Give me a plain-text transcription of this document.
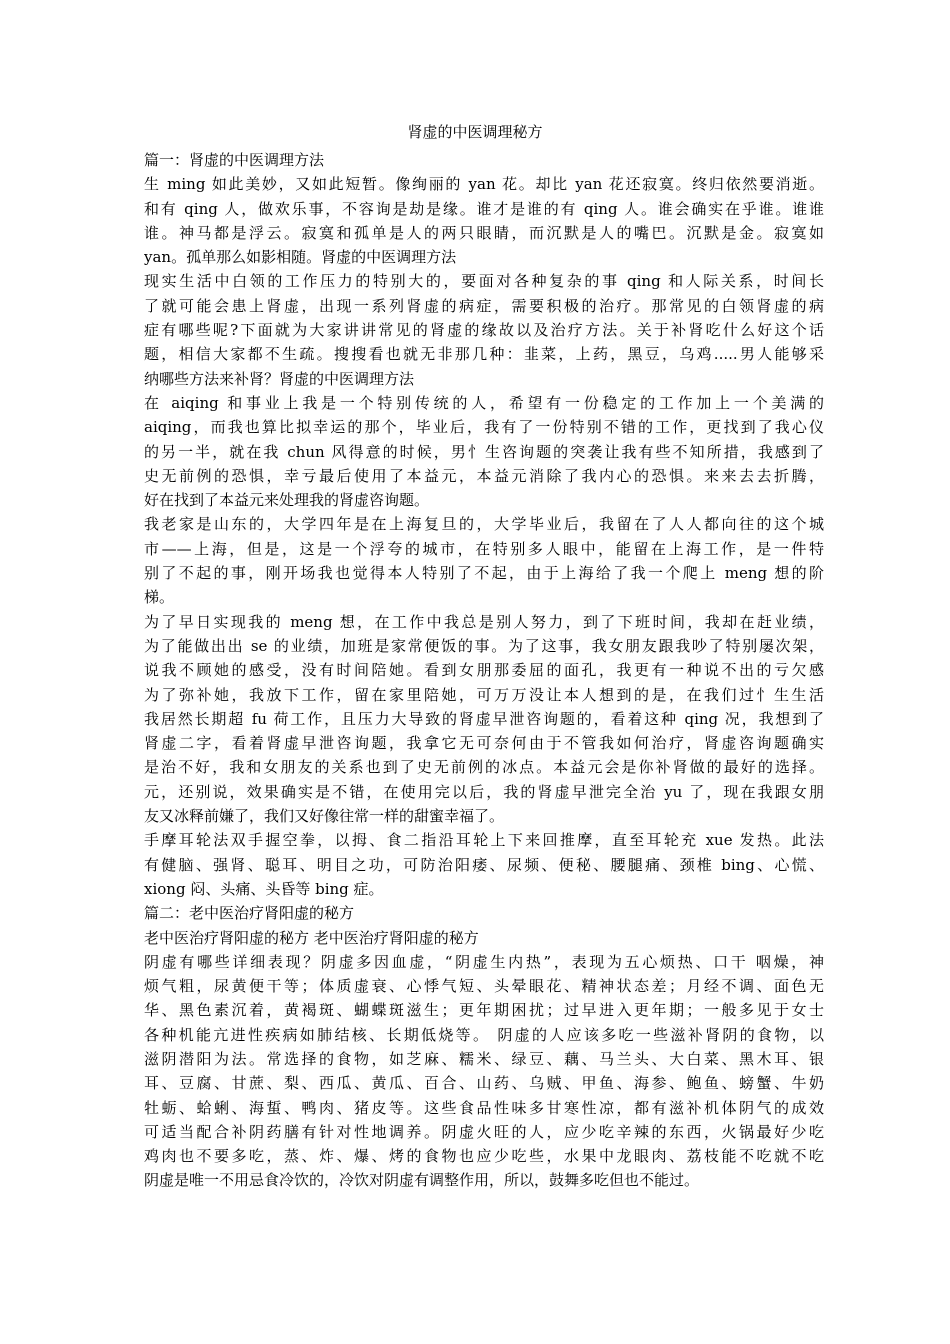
肾虚的中医调理秘方
篇一：肾虚的中医调理方法
生 ming 如此美妙，又如此短暂。像绚丽的 yan 花。却比 yan 花还寂寞。终归依然要消逝。
和有 qing 人，做欢乐事，不容询是劫是缘。谁才是谁的有 qing 人。谁会确实在乎谁。谁谁
谁。神马都是浮云。寂寞和孤单是人的两只眼睛，而沉默是人的嘴巴。沉默是金。寂寞如
yan。孤单那么如影相随。肾虚的中医调理方法
现实生活中白领的工作压力的特别大的，要面对各种复杂的事 qing 和人际关系，时间长
了就可能会患上肾虚，出现一系列肾虚的病症，需要积极的治疗。那常见的白领肾虚的病
症有哪些呢?下面就为大家讲讲常见的肾虚的缘故以及治疗方法。关于补肾吃什么好这个话
题，相信大家都不生疏。搜搜看也就无非那几种：韭菜，上药，黑豆，乌鸡.....男人能够采
纳哪些方法来补肾？肾虚的中医调理方法
在 aiqing 和事业上我是一个特别传统的人，希望有一份稳定的工作加上一个美满的
aiqing，而我也算比拟幸运的那个，毕业后，我有了一份特别不错的工作，更找到了我心仪
的另一半，就在我 chun 风得意的时候，男忄生咨询题的突袭让我有些不知所措，我感到了
史无前例的恐惧，幸亏最后使用了本益元，本益元消除了我内心的恐惧。来来去去折腾，
好在找到了本益元来处理我的肾虚咨询题。
我老家是山东的，大学四年是在上海复旦的，大学毕业后，我留在了人人都向往的这个城
市——上海，但是，这是一个浮夸的城市，在特别多人眼中，能留在上海工作，是一件特
别了不起的事，刚开场我也觉得本人特别了不起，由于上海给了我一个爬上 meng 想的阶
梯。
为了早日实现我的 meng 想，在工作中我总是别人努力，到了下班时间，我却在赶业绩，
为了能做出出 se 的业绩，加班是家常便饭的事。为了这事，我女朋友跟我吵了特别屡次架，
说我不顾她的感受，没有时间陪她。看到女朋那委屈的面孔，我更有一种说不出的亏欠感
为了弥补她，我放下工作，留在家里陪她，可万万没让本人想到的是，在我们过忄生生活
我居然长期超 fu 荷工作，且压力大导致的肾虚早泄咨询题的，看着这种 qing 况，我想到了
肾虚二字，看着肾虚早泄咨询题，我拿它无可奈何由于不管我如何治疗，肾虚咨询题确实
是治不好，我和女朋友的关系也到了史无前例的冰点。本益元会是你补肾做的最好的选择。
元，还别说，效果确实是不错，在使用完以后，我的肾虚早泄完全治 yu 了，现在我跟女朋
友又冰释前嫌了，我们又好像往常一样的甜蜜幸福了。
手摩耳轮法双手握空拳，以拇、食二指沿耳轮上下来回推摩，直至耳轮充 xue 发热。此法
有健脑、强肾、聪耳、明目之功，可防治阳痿、尿频、便秘、腰腿痛、颈椎 bing、心慌、
xiong 闷、头痛、头昏等 bing 症。
篇二：老中医治疗肾阳虚的秘方
老中医治疗肾阳虚的秘方 老中医治疗肾阳虚的秘方
阴虚有哪些详细表现？阴虚多因血虚，“阴虚生内热”，表现为五心烦热、口干 咽燥，神
烦气粗，尿黄便干等；体质虚衰、心悸气短、头晕眼花、精神状态差；月经不调、面色无
华、黑色素沉着，黄褐斑、蝴蝶斑滋生；更年期困扰；过早进入更年期；一般多见于女士
各种机能亢进性疾病如肺结核、长期低烧等。 阴虚的人应该多吃一些滋补肾阴的食物，以
滋阴潜阳为法。常选择的食物，如芝麻、糯米、绿豆、藕、马兰头、大白菜、黑木耳、银
耳、豆腐、甘蔗、梨、西瓜、黄瓜、百合、山药、乌贼、甲鱼、海参、鲍鱼、螃蟹、牛奶
牡蛎、蛤蜊、海蜇、鸭肉、猪皮等。这些食品性味多甘寒性凉，都有滋补机体阴气的成效
可适当配合补阴药膳有针对性地调养。阴虚火旺的人，应少吃辛辣的东西，火锅最好少吃
鸡肉也不要多吃，蒸、炸、爆、烤的食物也应少吃些，水果中龙眼肉、荔枝能不吃就不吃
阴虚是唯一不用忌食冷饮的，冷饮对阴虚有调整作用，所以，鼓舞多吃但也不能过。
